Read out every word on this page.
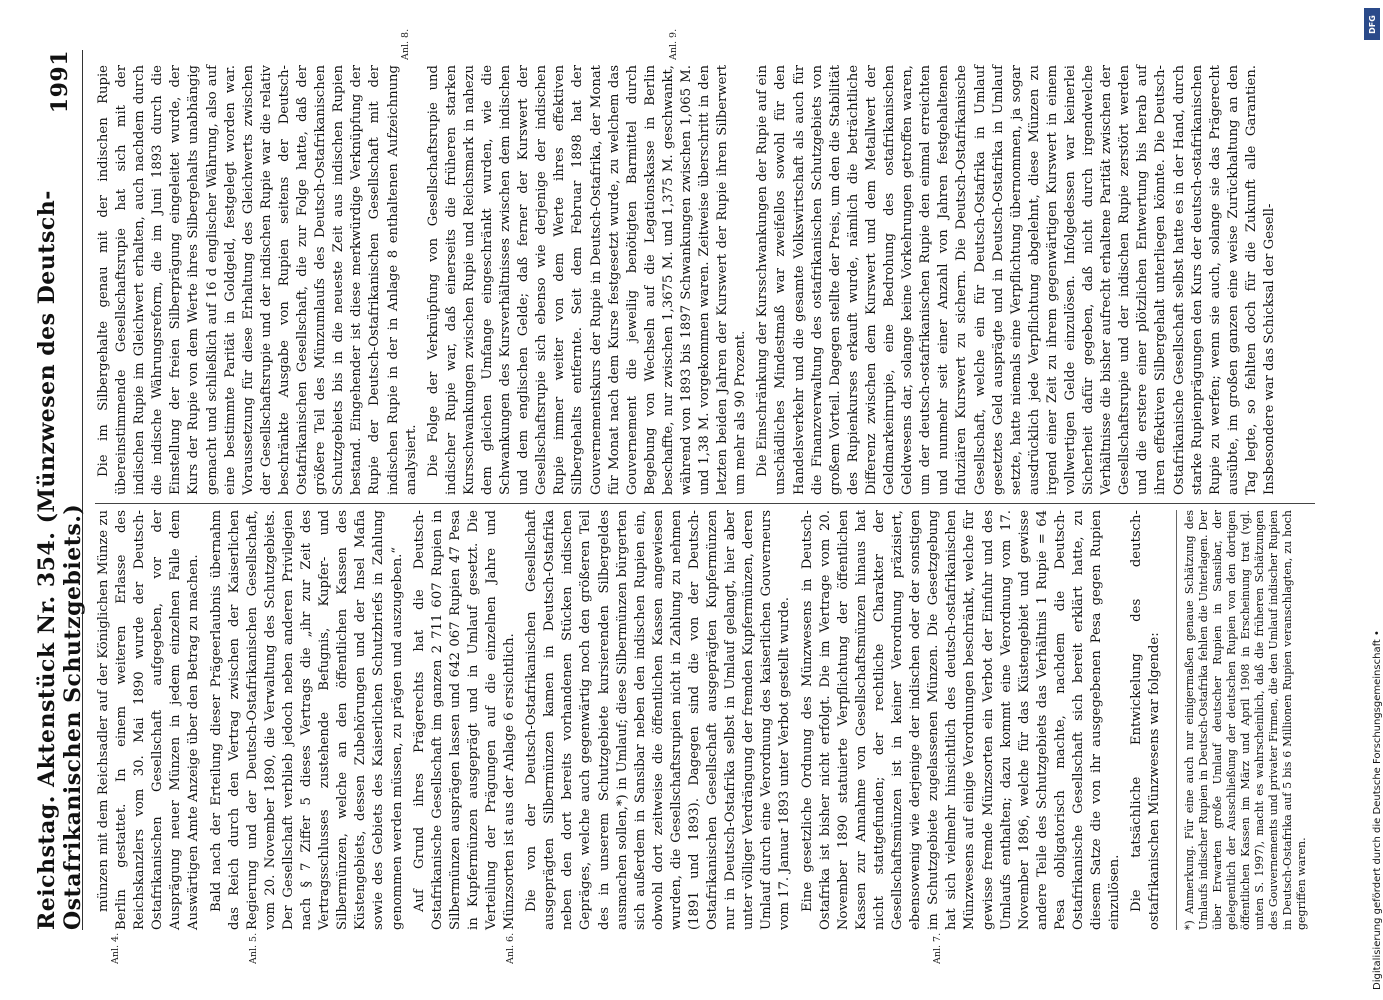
Reichstag. Aktenstück Nr. 354. (Münzwesen des Deutsch-Ostafrikanischen Schutzgebiets.)
1991

münzen mit dem Reichsadler auf der Königlichen Münze zu Berlin gestattet. In einem weiteren Erlasse des Reichskanzlers vom 30. Mai 1890 wurde der Deutsch-Ostafrikanischen Gesellschaft aufgegeben, vor der Ausprägung neuer Münzen in jedem einzelnen Falle dem Auswärtigen Amte Anzeige über den Betrag zu machen. Bald nach der Erteilung dieser Prägeerlaubnis übernahm das Reich durch den Vertrag zwischen der Kaiserlichen Regierung und der Deutsch-Ostafrikanischen Gesellschaft, vom 20. November 1890, die Verwaltung des Schutzgebiets. Der Gesellschaft verblieb jedoch neben anderen Privilegien nach § 7 Ziffer 5 dieses Vertrags die „ihr zur Zeit des Vertragsschlusses zustehende Befugnis, Kupfer- und Silbermünzen, welche an den öffentlichen Kassen des Küstengebiets, dessen Zubehörungen und der Insel Mafia sowie des Gebiets des Kaiserlichen Schutzbriefs in Zahlung genommen werden müssen, zu prägen und auszugeben.“ Auf Grund ihres Prägerechts hat die Deutsch-Ostafrikanische Gesellschaft im ganzen 2 711 607 Rupien in Silbermünzen ausprägen lassen und 642 067 Rupien 47 Pesa in Kupfermünzen ausgeprägt und in Umlauf gesetzt. Die Verteilung der Prägungen auf die einzelnen Jahre und Münzsorten ist aus der Anlage 6 ersichtlich. Die von der Deutsch-Ostafrikanischen Gesellschaft ausgeprägten Silbermünzen kamen in Deutsch-Ostafrika neben den dort bereits vorhandenen Stücken indischen Gepräges, welche auch gegenwärtig noch den größeren Teil des in unserem Schutzgebiete kursierenden Silbergeldes ausmachen sollen,*) in Umlauf; diese Silbermünzen bürgerten sich außerdem in Sansibar neben den indischen Rupien ein, obwohl dort zeitweise die öffentlichen Kassen angewiesen wurden, die Gesellschaftsrupien nicht in Zahlung zu nehmen (1891 und 1893). Dagegen sind die von der Deutsch-Ostafrikanischen Gesellschaft ausgeprägten Kupfermünzen nur in Deutsch-Ostafrika selbst in Umlauf gelangt, hier aber unter völliger Verdrängung der fremden Kupfermünzen, deren Umlauf durch eine Verordnung des kaiserlichen Gouverneurs vom 17. Januar 1893 unter Verbot gestellt wurde. Eine gesetzliche Ordnung des Münzwesens in Deutsch-Ostafrika ist bisher nicht erfolgt. Die im Vertrage vom 20. November 1890 statuierte Verpflichtung der öffentlichen Kassen zur Annahme von Gesellschaftsmünzen hinaus hat nicht stattgefunden; der rechtliche Charakter der Gesellschaftsmünzen ist in keiner Verordnung präzisiert, ebensowenig wie derjenige der indischen oder der sonstigen im Schutzgebiete zugelassenen Münzen. Die Gesetzgebung hat sich vielmehr hinsichtlich des deutsch-ostafrikanischen Münzwesens auf einige Verordnungen beschränkt, welche für gewisse fremde Münzsorten ein Verbot der Einfuhr und des Umlaufs enthalten; dazu kommt eine Verordnung vom 17. November 1896, welche für das Küstengebiet und gewisse andere Teile des Schutzgebiets das Verhältnis 1 Rupie = 64 Pesa obligatorisch machte, nachdem die Deutsch-Ostafrikanische Gesellschaft sich bereit erklärt hatte, zu diesem Satze die von ihr ausgegebenen Pesa gegen Rupien einzulösen. Die tatsächliche Entwickelung des deutsch-ostafrikanischen Münzwesens war folgende:	*) Anmerkung. Für eine auch nur einigermaßen genaue Schätzung des Umlaufs indischer Rupien in Deutsch-Ostafrika fehlen die Unterlagen. Der über Erwarten große Umlauf deutscher Rupien in Sansibar, der gelegentlich der Ausschließung der deutschen Rupien von den dortigen öffentlichen Kassen im März und April 1908 in Erscheinung trat (vgl. unten S. 1997), macht es wahrscheinlich, daß die früheren Schätzungen des Gouvernements und privater Firmen, die den Umlauf indischer Rupien in Deutsch-Ostafrika auf 5 bis 6 Millionen Rupien veranschlagten, zu hoch gegriffen waren.

Die im Silbergehalte genau mit der indischen Rupie übereinstimmende Gesellschaftsrupie hat sich mit der indischen Rupie im Gleichwert erhalten, auch nachdem durch die indische Währungsreform, die im Juni 1893 durch die Einstellung der freien Silberprägung eingeleitet wurde, der Kurs der Rupie von dem Werte ihres Silbergehalts unabhängig gemacht und schließlich auf 16 d englischer Währung, also auf eine bestimmte Parität in Goldgeld, festgelegt worden war. Voraussetzung für diese Erhaltung des Gleichwerts zwischen der Gesellschaftsrupie und der indischen Rupie war die relativ beschränkte Ausgabe von Rupien seitens der Deutsch-Ostafrikanischen Gesellschaft, die zur Folge hatte, daß der größere Teil des Münzumlaufs des Deutsch-Ostafrikanischen Schutzgebiets bis in die neueste Zeit aus indischen Rupien bestand. Eingehender ist diese merkwürdige Verknüpfung der Rupie der Deutsch-Ostafrikanischen Gesellschaft mit der indischen Rupie in der in Anlage 8 enthaltenen Aufzeichnung analysiert. Die Folge der Verknüpfung von Gesellschaftsrupie und indischer Rupie war, daß einerseits die früheren starken Kursschwankungen zwischen Rupie und Reichsmark in nahezu dem gleichen Umfange eingeschränkt wurden, wie die Schwankungen des Kursverhältnisses zwischen dem indischen und dem englischen Gelde; daß ferner der Kurswert der Gesellschaftsrupie sich ebenso wie derjenige der indischen Rupie immer weiter von dem Werte ihres effektiven Silbergehalts entfernte. Seit dem Februar 1898 hat der Gouvernementskurs der Rupie in Deutsch-Ostafrika, der Monat für Monat nach dem Kurse festgesetzt wurde, zu welchem das Gouvernement die jeweilig benötigten Barmittel durch Begebung von Wechseln auf die Legationskasse in Berlin beschaffte, nur zwischen 1,3675 M. und 1,375 M. geschwankt, während von 1893 bis 1897 Schwankungen zwischen 1,065 M. und 1,38 M. vorgekommen waren. Zeitweise überschritt in den letzten beiden Jahren der Kurswert der Rupie ihren Silberwert um mehr als 90 Prozent. Die Einschränkung der Kursschwankungen der Rupie auf ein unschädliches Mindestmaß war zweifellos sowohl für den Handelsverkehr und die gesamte Volkswirtschaft als auch für die Finanzverwaltung des ostafrikanischen Schutzgebiets von großem Vorteil. Dagegen stellte der Preis, um den die Stabilität des Rupienkurses erkauft wurde, nämlich die beträchtliche Differenz zwischen dem Kurswert und dem Metallwert der Geldmarkeinrupie, eine Bedrohung des ostafrikanischen Geldwesens dar, solange keine Vorkehrungen getroffen waren, um der deutsch-ostafrikanischen Rupie den einmal erreichten und nunmehr seit einer Anzahl von Jahren festgehaltenen fiduziären Kurswert zu sichern. Die Deutsch-Ostafrikanische Gesellschaft, welche ein für Deutsch-Ostafrika in Umlauf gesetztes Geld ausprägte und in Deutsch-Ostafrika in Umlauf setzte, hatte niemals eine Verpflichtung übernommen, ja sogar ausdrücklich jede Verpflichtung abgelehnt, diese Münzen zu irgend einer Zeit zu ihrem gegenwärtigen Kurswert in einem vollwertigen Gelde einzulösen. Infolgedessen war keinerlei Sicherheit dafür gegeben, daß nicht durch irgendwelche Verhältnisse die bisher aufrecht erhaltene Parität zwischen der Gesellschaftsrupie und der indischen Rupie zerstört werden und die erstere einer plötzlichen Entwertung bis herab auf ihren effektiven Silbergehalt unterliegen könnte. Die Deutsch-Ostafrikanische Gesellschaft selbst hatte es in der Hand, durch starke Rupienprägungen den Kurs der deutsch-ostafrikanischen Rupie zu werfen; wenn sie auch, solange sie das Prägerecht ausübte, im großen ganzen eine weise Zurückhaltung an den Tag legte, so fehlten doch für die Zukunft alle Garantien. Insbesondere war das Schicksal der Gesell-

Anl. 4.	Anl. 5.	Anl. 6.	Anl. 7.
Anl. 8.	Anl. 9.
DFG
Digitalisierung gefördert durch die Deutsche Forschungsgemeinschaft •
